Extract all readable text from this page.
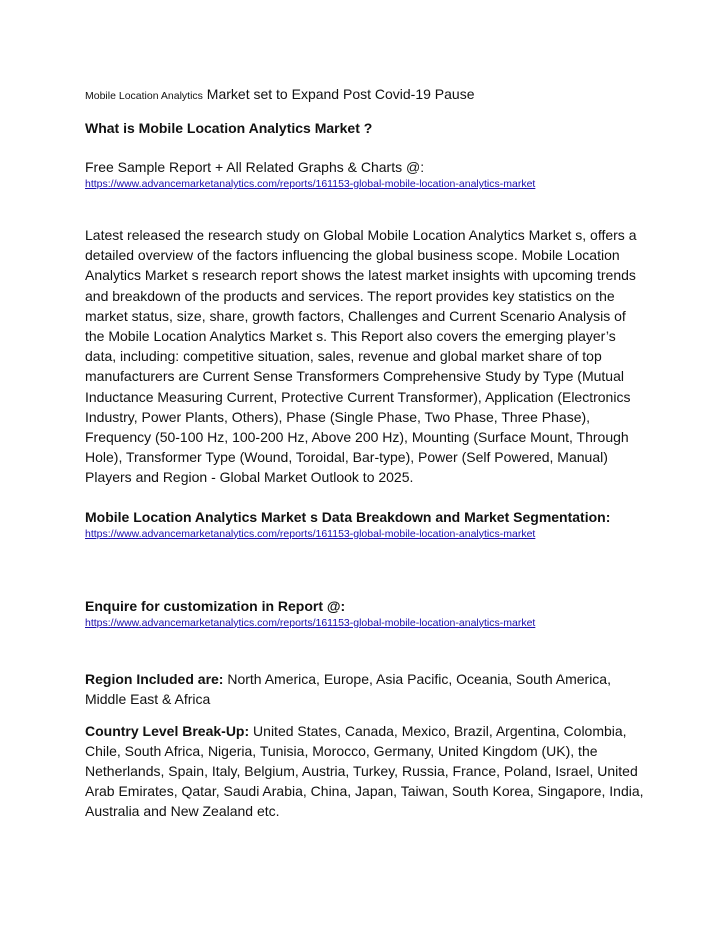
Mobile Location Analytics Market set to Expand Post Covid-19 Pause

What is Mobile Location Analytics Market ?

Free Sample Report + All Related Graphs & Charts @:

https://www.advancemarketanalytics.com/reports/161153-global-mobile-location-analytics-market

Latest released the research study on Global Mobile Location Analytics Market s, offers a detailed overview of the factors influencing the global business scope. Mobile Location Analytics Market s research report shows the latest market insights with upcoming trends and breakdown of the products and services. The report provides key statistics on the market status, size, share, growth factors, Challenges and Current Scenario Analysis of the Mobile Location Analytics Market s. This Report also covers the emerging player’s data, including: competitive situation, sales, revenue and global market share of top manufacturers are Current Sense Transformers Comprehensive Study by Type (Mutual Inductance Measuring Current, Protective Current Transformer), Application (Electronics Industry, Power Plants, Others), Phase (Single Phase, Two Phase, Three Phase), Frequency (50-100 Hz, 100-200 Hz, Above 200 Hz), Mounting (Surface Mount, Through Hole), Transformer Type (Wound, Toroidal, Bar-type), Power (Self Powered, Manual) Players and Region - Global Market Outlook to 2025.

Mobile Location Analytics Market s Data Breakdown and Market Segmentation:

https://www.advancemarketanalytics.com/reports/161153-global-mobile-location-analytics-market

Enquire for customization in Report @:

https://www.advancemarketanalytics.com/reports/161153-global-mobile-location-analytics-market

Region Included are: North America, Europe, Asia Pacific, Oceania, South America, Middle East & Africa

Country Level Break-Up: United States, Canada, Mexico, Brazil, Argentina, Colombia, Chile, South Africa, Nigeria, Tunisia, Morocco, Germany, United Kingdom (UK), the Netherlands, Spain, Italy, Belgium, Austria, Turkey, Russia, France, Poland, Israel, United Arab Emirates, Qatar, Saudi Arabia, China, Japan, Taiwan, South Korea, Singapore, India, Australia and New Zealand etc.
